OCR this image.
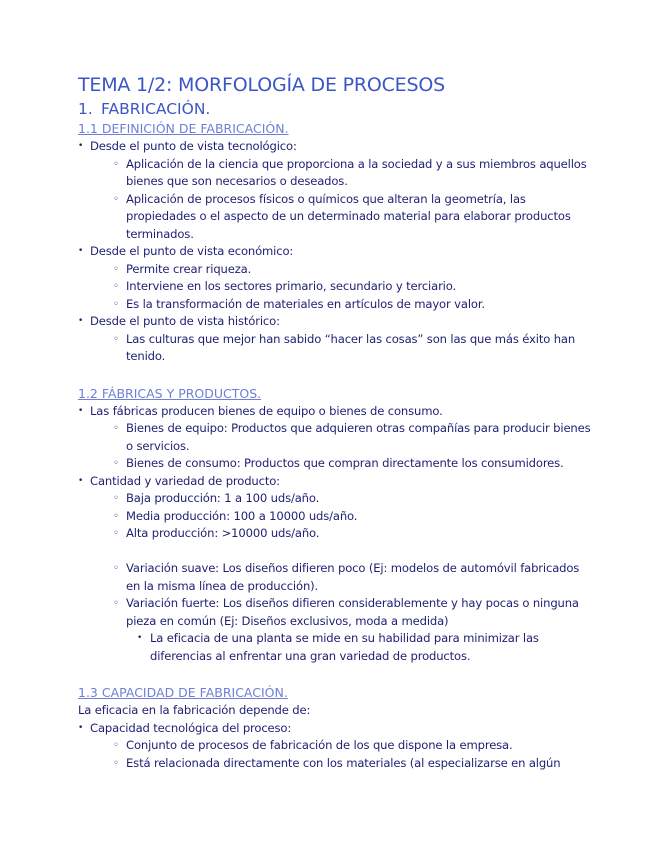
TEMA 1/2: MORFOLOGÍA DE PROCESOS
1. FABRICACIÓN.
1.1 DEFINICIÓN DE FABRICACIÓN.
• Desde el punto de vista tecnológico:
◦ Aplicación de la ciencia que proporciona a la sociedad y a sus miembros aquellos bienes que son necesarios o deseados.
◦ Aplicación de procesos físicos o químicos que alteran la geometría, las propiedades o el aspecto de un determinado material para elaborar productos terminados.
• Desde el punto de vista económico:
◦ Permite crear riqueza.
◦ Interviene en los sectores primario, secundario y terciario.
◦ Es la transformación de materiales en artículos de mayor valor.
• Desde el punto de vista histórico:
◦ Las culturas que mejor han sabido “hacer las cosas” son las que más éxito han tenido.
1.2 FÁBRICAS Y PRODUCTOS.
• Las fábricas producen bienes de equipo o bienes de consumo.
◦ Bienes de equipo: Productos que adquieren otras compañías para producir bienes o servicios.
◦ Bienes de consumo: Productos que compran directamente los consumidores.
• Cantidad y variedad de producto:
◦ Baja producción: 1 a 100 uds/año.
◦ Media producción: 100 a 10000 uds/año.
◦ Alta producción: >10000 uds/año.
◦ Variación suave: Los diseños difieren poco (Ej: modelos de automóvil fabricados en la misma línea de producción).
◦ Variación fuerte: Los diseños difieren considerablemente y hay pocas o ninguna pieza en común (Ej: Diseños exclusivos, moda a medida)
• La eficacia de una planta se mide en su habilidad para minimizar las diferencias al enfrentar una gran variedad de productos.
1.3 CAPACIDAD DE FABRICACIÓN.
La eficacia en la fabricación depende de:
• Capacidad tecnológica del proceso:
◦ Conjunto de procesos de fabricación de los que dispone la empresa.
◦ Está relacionada directamente con los materiales (al especializarse en algún
